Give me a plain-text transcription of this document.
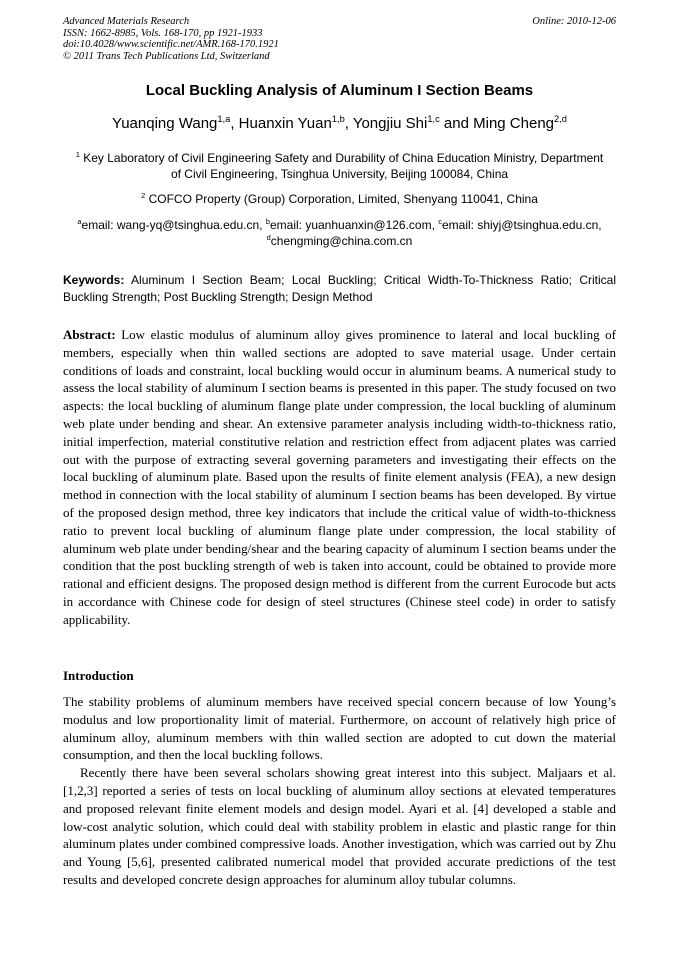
Advanced Materials Research
ISSN: 1662-8985, Vols. 168-170, pp 1921-1933
doi:10.4028/www.scientific.net/AMR.168-170.1921
© 2011 Trans Tech Publications Ltd, Switzerland
Online: 2010-12-06
Local Buckling Analysis of Aluminum I Section Beams
Yuanqing Wang$^{1,a}$, Huanxin Yuan$^{1,b}$, Yongjiu Shi$^{1,c}$ and Ming Cheng$^{2,d}$
$^1$ Key Laboratory of Civil Engineering Safety and Durability of China Education Ministry, Department
of Civil Engineering, Tsinghua University, Beijing 100084, China
$^2$ COFCO Property (Group) Corporation, Limited, Shenyang 110041, China
$^a$email: wang-yq@tsinghua.edu.cn, $^b$email: yuanhuanxin@126.com, $^c$email: shiyj@tsinghua.edu.cn,
$^d$chengming@china.com.cn
Keywords: Aluminum I Section Beam; Local Buckling; Critical Width-To-Thickness Ratio; Critical Buckling Strength; Post Buckling Strength; Design Method
Abstract: Low elastic modulus of aluminum alloy gives prominence to lateral and local buckling of members, especially when thin walled sections are adopted to save material usage. Under certain conditions of loads and constraint, local buckling would occur in aluminum beams. A numerical study to assess the local stability of aluminum I section beams is presented in this paper. The study focused on two aspects: the local buckling of aluminum flange plate under compression, the local buckling of aluminum web plate under bending and shear. An extensive parameter analysis including width-to-thickness ratio, initial imperfection, material constitutive relation and restriction effect from adjacent plates was carried out with the purpose of extracting several governing parameters and investigating their effects on the local buckling of aluminum plate. Based upon the results of finite element analysis (FEA), a new design method in connection with the local stability of aluminum I section beams has been developed. By virtue of the proposed design method, three key indicators that include the critical value of width-to-thickness ratio to prevent local buckling of aluminum flange plate under compression, the local stability of aluminum web plate under bending/shear and the bearing capacity of aluminum I section beams under the condition that the post buckling strength of web is taken into account, could be obtained to provide more rational and efficient designs. The proposed design method is different from the current Eurocode but acts in accordance with Chinese code for design of steel structures (Chinese steel code) in order to satisfy applicability.
Introduction

The stability problems of aluminum members have received special concern because of low Young’s modulus and low proportionality limit of material. Furthermore, on account of relatively high price of aluminum alloy, aluminum members with thin walled section are adopted to cut down the material consumption, and then the local buckling follows.

Recently there have been several scholars showing great interest into this subject. Maljaars et al. [1,2,3] reported a series of tests on local buckling of aluminum alloy sections at elevated temperatures and proposed relevant finite element models and design model. Ayari et al. [4] developed a stable and low-cost analytic solution, which could deal with stability problem in elastic and plastic range for thin aluminum plates under combined compressive loads. Another investigation, which was carried out by Zhu and Young [5,6], presented calibrated numerical model that provided accurate predictions of the test results and developed concrete design approaches for aluminum alloy tubular columns.
